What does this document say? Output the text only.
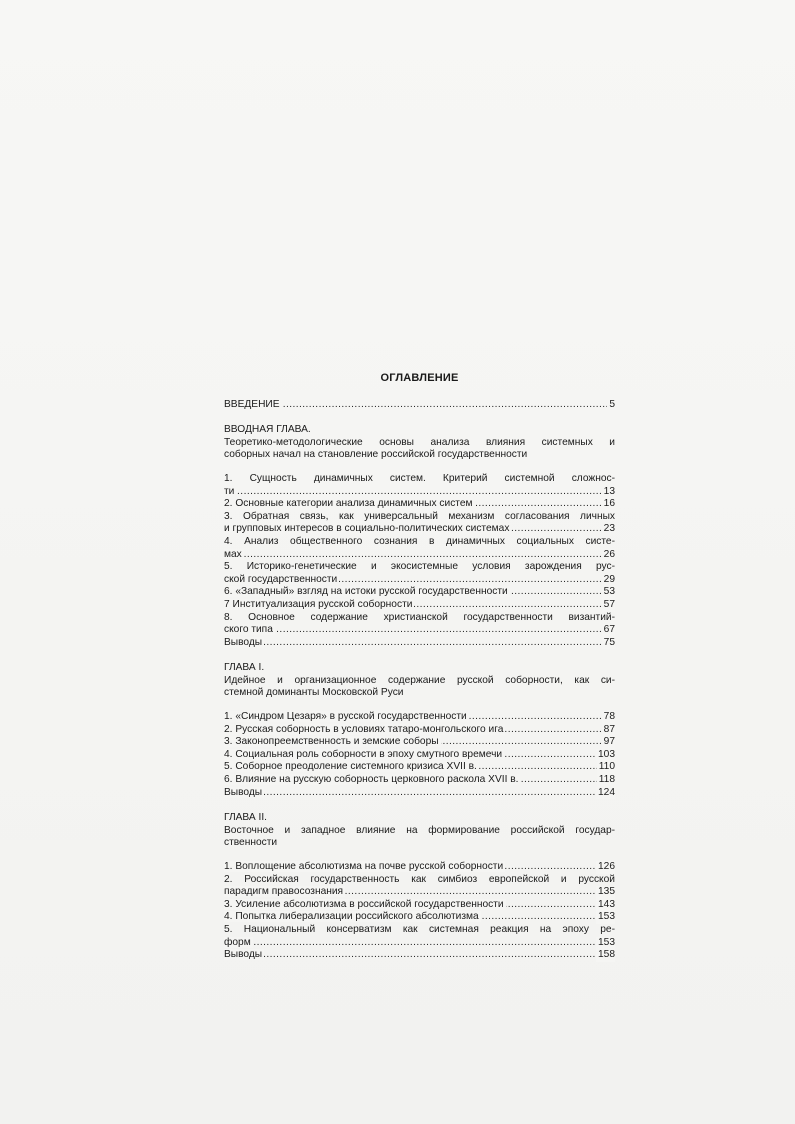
ОГЛАВЛЕНИЕ
. . .
ВВЕДЕНИЕ	5
ВВОДНАЯ ГЛАВА.
Теоретико-методологические основы анализа влияния системных и
соборных начал на становление российской государственности
1. Сущность динамичных систем. Критерий системной сложнос-
. . .
ти	13
. . .
2. Основные категории анализа динамичных систем	16
3. Обратная связь, как универсальный механизм согласования личных
. . .
и групповых интересов в социально-политических системах	23
4. Анализ общественного сознания в динамичных социальных систе-
. . .
мах	26
5. Историко-генетические и экосистемные условия зарождения рус-
. . .
ской государственности	29
. . .
6. «Западный» взгляд на истоки русской государственности	53
. . .
7 Институализация русской соборности	57
8. Основное содержание христианской государственности византий-
. . .
ского типа	67
. . .
Выводы	75
ГЛАВА I.
Идейное и организационное содержание русской соборности, как си-
стемной доминанты Московской Руси
. . .
1. «Синдром Цезаря» в русской государственности	78
. . .
2. Русская соборность в условиях татаро-монгольского ига	87
. . .
3. Законопреемственность и земские соборы	97
. . .
4. Социальная роль соборности в эпоху смутного времечи	103
. . .
5. Соборное преодоление системного кризиса XVII в.	110
. . .
6. Влияние на русскую соборность церковного раскола XVII в.	118
. . .
Выводы	124
ГЛАВА II.
Восточное и западное влияние на формирование российской государ-
ственности
. . .
1. Воплощение абсолютизма на почве русской соборности	126
2. Российская государственность как симбиоз европейской и русской
. . .
парадигм правосознания	135
. . .
3. Усиление абсолютизма в российской государственности	143
. . .
4. Попытка либерализации российского абсолютизма	153
5. Национальный консерватизм как системная реакция на эпоху ре-
. . .
форм	153
. . .
Выводы	158
